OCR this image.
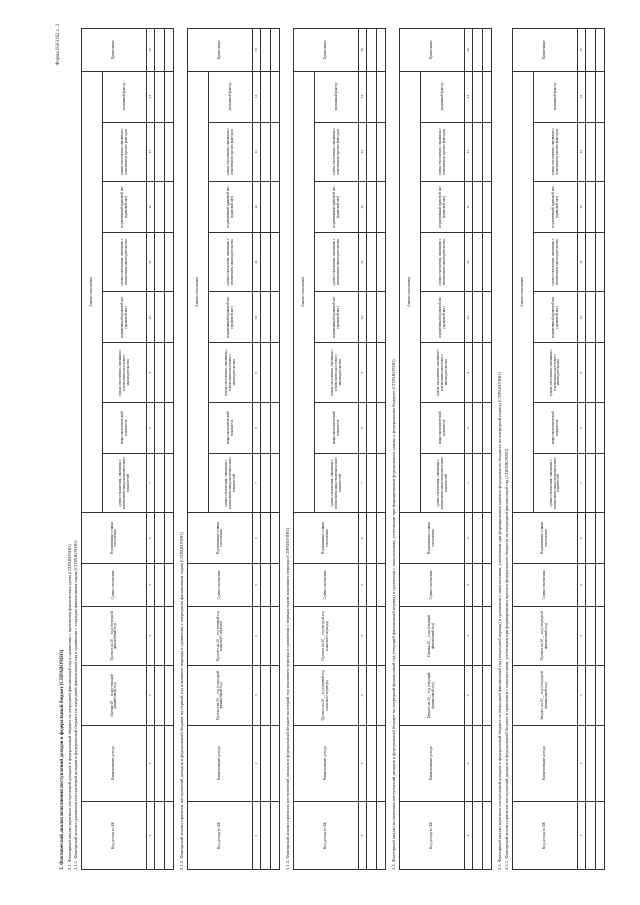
Форма 0503162 с. 3
3. Фактический анализ исполнения поступлений доходов в федеральный бюджет (СПРАВОЧНО) 3.1. Факторный анализ прогноза поступлений доходов в федеральный бюджет на очередной финансовый год в сравнении с прогнозом фактических сумм (СПРАВОЧНО) 3.1.1. Факторный анализ сравнения поступлений доходов в федеральный бюджет на очередной финансовый год в сравнении с текущим финансовым годом (СПРАВОЧНО)	Код дохода по БК	Наименование дохода	Оценка 20__ года (текущий финансовый год)	Прогноз на 20__ год (очередной финансовый год)	Сумма отклонения	Нормативные ставки отклонения	Анализ отклонения								Примечание
						сумма отклонения, связанная с изменением макроэкономических показателей	макроэкономический показатель	сумма отклонения, связанная с изменением налогового законодательства	нормативный правовой акт (правовой акт)	сумма отклонения, связанная с изменением законодательства	нормативный правовой акт (правовой акт)	сумма отклонения, связанная с изменением прочих факторов	указанный фактор	
1	2	3	4	5	6	7	8	9	10	11	12	13	14	15

3.1.2. Факторный анализ прогноза поступлений доходов в федеральный бюджет на первый год планового периода в сравнении с очередным финансовым годом (СПРАВОЧНО)	Код дохода по БК	Наименование дохода	Прогноз на 20__ год (очередной финансовый год)	Прогноз на 20__ год (первый год планового периода)	Сумма отклонения	Нормативные ставки отклонения	Анализ отклонения								Примечание
						сумма отклонения, связанная с изменением макроэкономических показателей	макроэкономический показатель	сумма отклонения, связанная с изменением налогового законодательства	нормативный правовой акт (правовой акт)	сумма отклонения, связанная с изменением законодательства	нормативный правовой акт (правовой акт)	сумма отклонения, связанная с изменением прочих факторов	указанный фактор	
1	2	3	4	5	6	7	8	9	10	11	12	13	14	15

3.1.3. Факторный анализ прогноза поступлений доходов в федеральный бюджет на второй год планового периода в сравнении с первым годом планового периода (СПРАВОЧНО)	Код дохода по БК	Наименование дохода	Прогноз на 20__ год (первый год планового периода)	Прогноз на 20__ год (второй год планового периода)	Сумма отклонения	Нормативные ставки отклонения	Анализ отклонения								Примечание
						сумма отклонения, связанная с изменением макроэкономических показателей	макроэкономический показатель	сумма отклонения, связанная с изменением налогового законодательства	нормативный правовой акт (правовой акт)	сумма отклонения, связанная с изменением законодательства	нормативный правовой акт (правовой акт)	сумма отклонения, связанная с изменением прочих факторов	указанный фактор	
1	2	3	4	5	6	7	8	9	10	11	12	13	14	15

3.2. Факторный анализ исполнения поступлений доходов в федеральный бюджет на очередной финансовый год (текущий финансовый период) в сравнении с показателями, учтенными при формировании федерального закона о федеральном бюджете (СПРАВОЧНО)	Код дохода по БК	Наименование дохода	Бюджет на 20__ год (текущий финансовый год)	Оценка 20__ года (текущий финансовый год)	Сумма отклонения	Нормативные ставки отклонения	Анализ отклонения								Примечание
						сумма отклонения, связанная с изменением макроэкономических показателей	макроэкономический показатель	сумма отклонения, связанная с изменением налогового законодательства	нормативный правовой акт (правовой акт)	сумма отклонения, связанная с изменением законодательства	нормативный правовой акт (правовой акт)	сумма отклонения, связанная с изменением прочих факторов	указанный фактор	
1	2	3	4	5	6	7	8	9	10	11	12	13	14	15

3.3. Факторный анализ прогноза поступлений доходов в федеральный бюджет на очередной финансовый год (очередной период) в сравнении с показателями, учтенными при формировании проекта федерального бюджета на очередной период (СПРАВОЧНО) 4.3.1. Факторный анализ прогноза поступлений доходов в федеральный бюджет в сравнении с показателями, учтенными при формировании проекта федерального бюджета на очередной финансовый год (СПРАВОЧНО)	Код дохода по БК	Наименование дохода	Бюджет на 20__ год (очередной финансовый год)	Прогноз на 20__ год (очередной финансовый год)	Сумма отклонения	Нормативные ставки отклонения	Анализ отклонения								Примечание
						сумма отклонения, связанная с изменением макроэкономических показателей	макроэкономический показатель	сумма отклонения, связанная с изменением налогового законодательства	нормативный правовой акт (правовой акт)	сумма отклонения, связанная с изменением законодательства	нормативный правовой акт (правовой акт)	сумма отклонения, связанная с изменением прочих факторов	указанный фактор	
1	2	3	4	5	6	7	8	9	10	11	12	13	14	15
